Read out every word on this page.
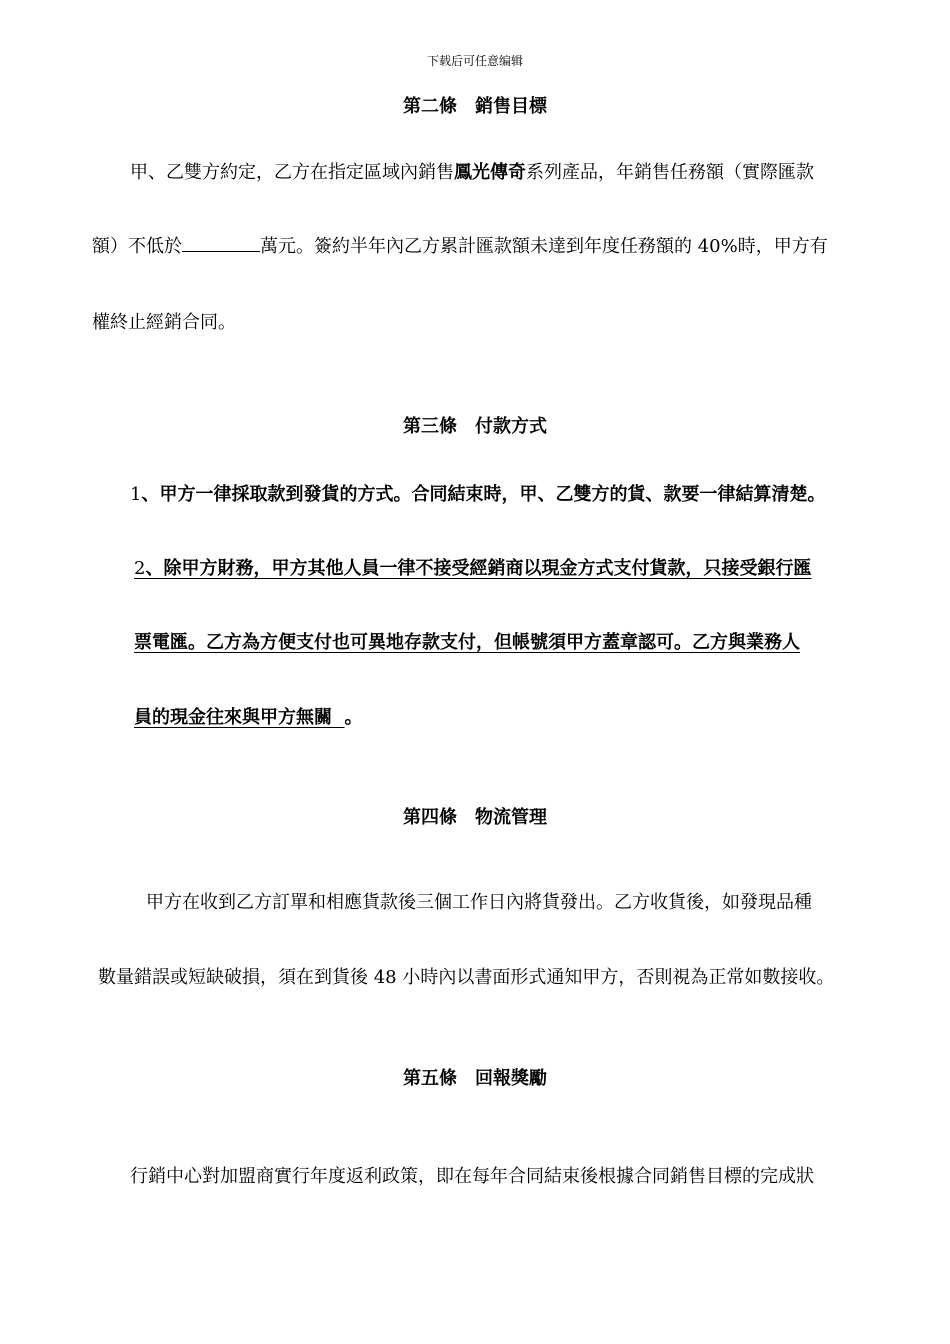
下载后可任意编辑
第二條　銷售目標
甲、乙雙方約定，乙方在指定區域內銷售鳳光傳奇系列產品，年銷售任務額（實際匯款
額）不低於	萬元。簽約半年內乙方累計匯款額未達到年度任務額的 40%時，甲方有
權終止經銷合同。
第三條　付款方式
1、甲方一律採取款到發貨的方式。合同結束時，甲、乙雙方的貨、款要一律結算清楚。
2、除甲方財務，甲方其他人員一律不接受經銷商以現金方式支付貨款，只接受銀行匯
票電匯。乙方為方便支付也可異地存款支付，但帳號須甲方蓋章認可。乙方與業務人
員的現金往來與甲方無關 。
第四條　物流管理
甲方在收到乙方訂單和相應貨款後三個工作日內將貨發出。乙方收貨後，如發現品種
數量錯誤或短缺破損，須在到貨後 48 小時內以書面形式通知甲方，否則視為正常如數接收。
第五條　回報獎勵
行銷中心對加盟商實行年度返利政策，即在每年合同結束後根據合同銷售目標的完成狀
